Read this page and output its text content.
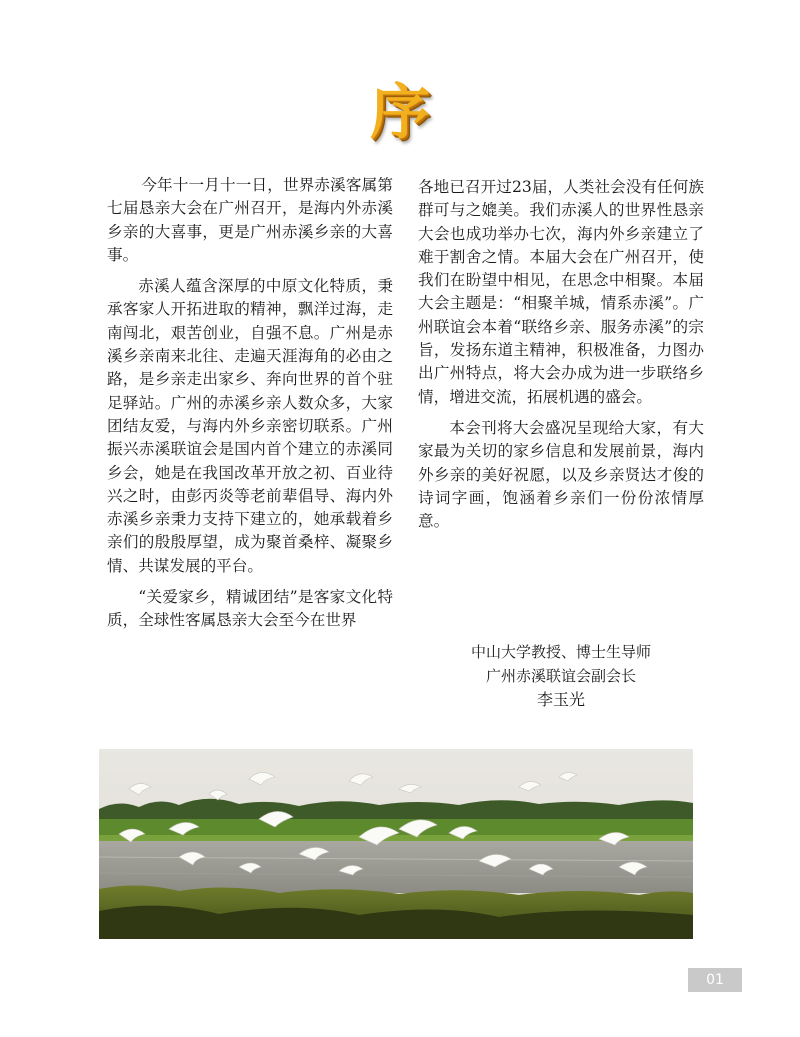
序

今年十一月十一日，世界赤溪客属第七届恳亲大会在广州召开，是海内外赤溪乡亲的大喜事，更是广州赤溪乡亲的大喜事。

赤溪人蕴含深厚的中原文化特质，秉承客家人开拓进取的精神，飘洋过海，走南闯北，艰苦创业，自强不息。广州是赤溪乡亲南来北往、走遍天涯海角的必由之路，是乡亲走出家乡、奔向世界的首个驻足驿站。广州的赤溪乡亲人数众多，大家团结友爱，与海内外乡亲密切联系。广州振兴赤溪联谊会是国内首个建立的赤溪同乡会，她是在我国改革开放之初、百业待兴之时，由彭丙炎等老前辈倡导、海内外赤溪乡亲秉力支持下建立的，她承载着乡亲们的殷殷厚望，成为聚首桑梓、凝聚乡情、共谋发展的平台。

“关爱家乡，精诚团结”是客家文化特质，全球性客属恳亲大会至今在世界

各地已召开过23届，人类社会没有任何族群可与之媲美。我们赤溪人的世界性恳亲大会也成功举办七次，海内外乡亲建立了难于割舍之情。本届大会在广州召开，使我们在盼望中相见，在思念中相聚。本届大会主题是：“相聚羊城，情系赤溪”。广州联谊会本着“联络乡亲、服务赤溪”的宗旨，发扬东道主精神，积极准备，力图办出广州特点，将大会办成为进一步联络乡情，增进交流，拓展机遇的盛会。

本会刊将大会盛况呈现给大家，有大家最为关切的家乡信息和发展前景，海内外乡亲的美好祝愿，以及乡亲贤达才俊的诗词字画，饱涵着乡亲们一份份浓情厚意。

中山大学教授、博士生导师
广州赤溪联谊会副会长
李玉光
01
